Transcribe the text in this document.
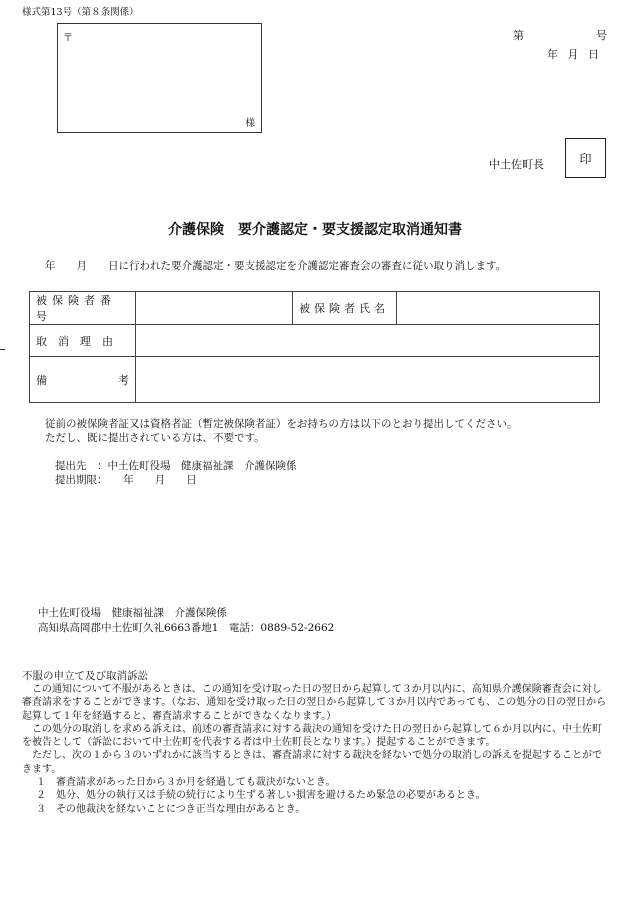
様式第13号（第８条関係）
〒
様
第	号
年 月 日
中土佐町長	印
介護保険　要介護認定・要支援認定取消通知書
年　　月　　日に行われた要介護認定・要支援認定を介護認定審査会の審査に従い取り消します。
被保険者番号		被保険者氏名	
取　消　理　由			

備 考			

従前の被保険者証又は資格者証（暫定被保険者証）をお持ちの方は以下のとおり提出してください。
ただし、既に提出されている方は、不要です。
提出先　：中土佐町役場　健康福祉課　介護保険係
提出期限：　　年　　月　　日
中土佐町役場　健康福祉課　介護保険係
高知県高岡郡中土佐町久礼6663番地1　電話：0889-52-2662
不服の申立て及び取消訴訟

この通知について不服があるときは、この通知を受け取った日の翌日から起算して３か月以内に、高知県介護保険審査会に対し審査請求をすることができます。（なお、通知を受け取った日の翌日から起算して３か月以内であっても、この処分の日の翌日から起算して１年を経過すると、審査請求することができなくなります。）

この処分の取消しを求める訴えは、前述の審査請求に対する裁決の通知を受けた日の翌日から起算して６か月以内に、中土佐町を被告として（訴訟において中土佐町を代表する者は中土佐町長となります。）提起することができます。

ただし、次の１から３のいずれかに該当するときは、審査請求に対する裁決を経ないで処分の取消しの訴えを提起することができます。

１　審査請求があった日から３か月を経過しても裁決がないとき。

２　処分、処分の執行又は手続の続行により生ずる著しい損害を避けるため緊急の必要があるとき。

３　その他裁決を経ないことにつき正当な理由があるとき。
